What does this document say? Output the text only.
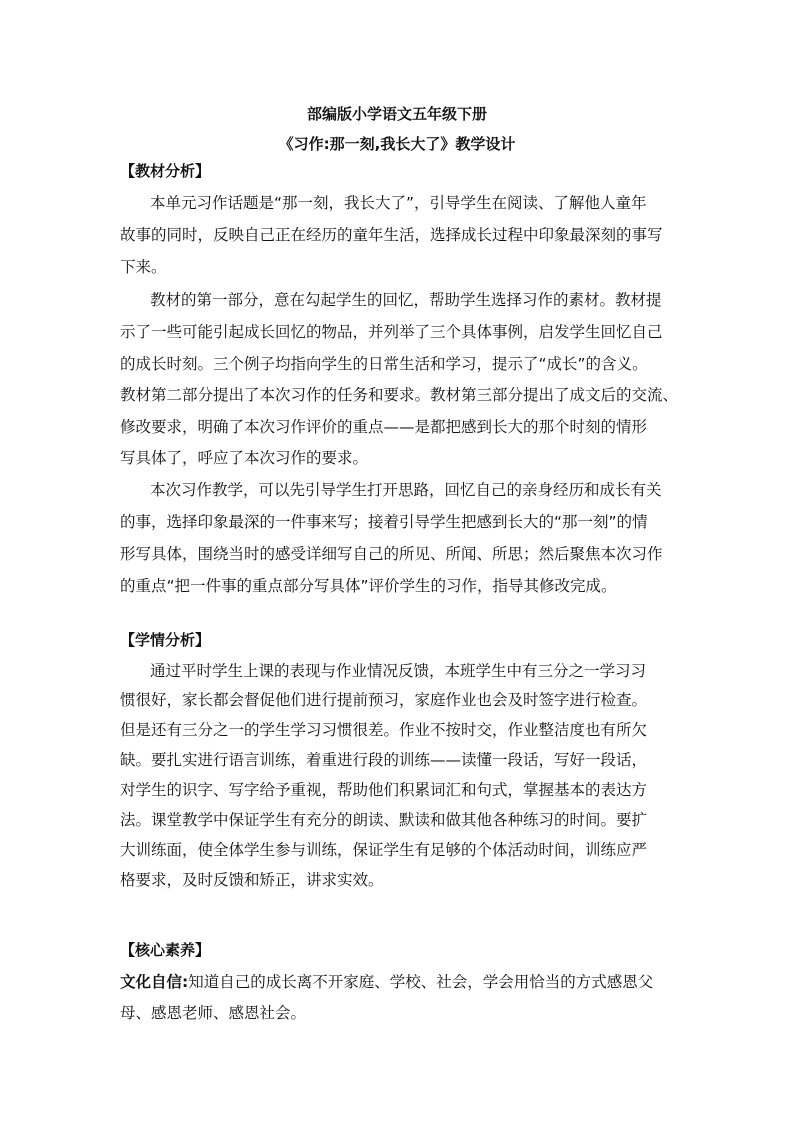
部编版小学语文五年级下册
《习作:那一刻,我长大了》教学设计
【教材分析】
本单元习作话题是“那一刻，我长大了”，引导学生在阅读、了解他人童年
故事的同时，反映自己正在经历的童年生活，选择成长过程中印象最深刻的事写
下来。
教材的第一部分，意在勾起学生的回忆，帮助学生选择习作的素材。教材提
示了一些可能引起成长回忆的物品，并列举了三个具体事例，启发学生回忆自己
的成长时刻。三个例子均指向学生的日常生活和学习，提示了“成长”的含义。
教材第二部分提出了本次习作的任务和要求。教材第三部分提出了成文后的交流、
修改要求，明确了本次习作评价的重点——是都把感到长大的那个时刻的情形
写具体了，呼应了本次习作的要求。
本次习作教学，可以先引导学生打开思路，回忆自己的亲身经历和成长有关
的事，选择印象最深的一件事来写；接着引导学生把感到长大的“那一刻”的情
形写具体，围绕当时的感受详细写自己的所见、所闻、所思；然后聚焦本次习作
的重点“把一件事的重点部分写具体”评价学生的习作，指导其修改完成。
【学情分析】
通过平时学生上课的表现与作业情况反馈，本班学生中有三分之一学习习
惯很好，家长都会督促他们进行提前预习，家庭作业也会及时签字进行检查。
但是还有三分之一的学生学习习惯很差。作业不按时交，作业整洁度也有所欠
缺。要扎实进行语言训练，着重进行段的训练——读懂一段话，写好一段话，
对学生的识字、写字给予重视，帮助他们积累词汇和句式，掌握基本的表达方
法。课堂教学中保证学生有充分的朗读、默读和做其他各种练习的时间。要扩
大训练面，使全体学生参与训练，保证学生有足够的个体活动时间，训练应严
格要求，及时反馈和矫正，讲求实效。
【核心素养】
文化自信:知道自己的成长离不开家庭、学校、社会，学会用恰当的方式感恩父
母、感恩老师、感恩社会。
